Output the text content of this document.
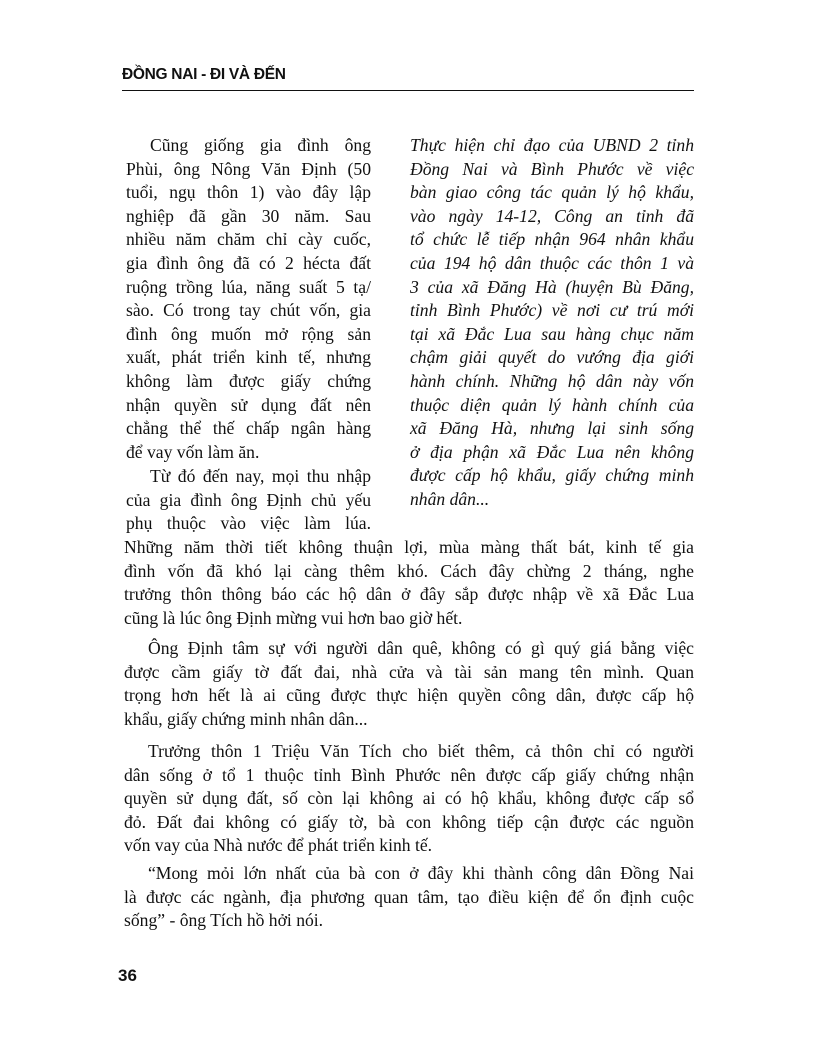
ĐỒNG NAI - ĐI VÀ ĐẾN
Cũng giống gia đình ông
Phùi, ông Nông Văn Định (50
tuổi, ngụ thôn 1) vào đây lập
nghiệp đã gần 30 năm. Sau
nhiều năm chăm chỉ cày cuốc,
gia đình ông đã có 2 hécta đất
ruộng trồng lúa, năng suất 5 tạ/
sào. Có trong tay chút vốn, gia
đình ông muốn mở rộng sản
xuất, phát triển kinh tế, nhưng
không làm được giấy chứng
nhận quyền sử dụng đất nên
chẳng thể thế chấp ngân hàng
để vay vốn làm ăn.
Từ đó đến nay, mọi thu nhập
của gia đình ông Định chủ yếu
phụ thuộc vào việc làm lúa.
Thực hiện chỉ đạo của UBND 2 tỉnh
Đồng Nai và Bình Phước về việc
bàn giao công tác quản lý hộ khẩu,
vào ngày 14-12, Công an tỉnh đã
tổ chức lễ tiếp nhận 964 nhân khẩu
của 194 hộ dân thuộc các thôn 1 và
3 của xã Đăng Hà (huyện Bù Đăng,
tỉnh Bình Phước) về nơi cư trú mới
tại xã Đắc Lua sau hàng chục năm
chậm giải quyết do vướng địa giới
hành chính. Những hộ dân này vốn
thuộc diện quản lý hành chính của
xã Đăng Hà, nhưng lại sinh sống
ở địa phận xã Đắc Lua nên không
được cấp hộ khẩu, giấy chứng minh
nhân dân...
Những năm thời tiết không thuận lợi, mùa màng thất bát, kinh tế gia
đình vốn đã khó lại càng thêm khó. Cách đây chừng 2 tháng, nghe
trưởng thôn thông báo các hộ dân ở đây sắp được nhập về xã Đắc Lua
cũng là lúc ông Định mừng vui hơn bao giờ hết.
Ông Định tâm sự với người dân quê, không có gì quý giá bằng việc
được cầm giấy tờ đất đai, nhà cửa và tài sản mang tên mình. Quan
trọng hơn hết là ai cũng được thực hiện quyền công dân, được cấp hộ
khẩu, giấy chứng minh nhân dân...
Trưởng thôn 1 Triệu Văn Tích cho biết thêm, cả thôn chỉ có người
dân sống ở tổ 1 thuộc tỉnh Bình Phước nên được cấp giấy chứng nhận
quyền sử dụng đất, số còn lại không ai có hộ khẩu, không được cấp sổ
đỏ. Đất đai không có giấy tờ, bà con không tiếp cận được các nguồn
vốn vay của Nhà nước để phát triển kinh tế.
“Mong mỏi lớn nhất của bà con ở đây khi thành công dân Đồng Nai
là được các ngành, địa phương quan tâm, tạo điều kiện để ổn định cuộc
sống” - ông Tích hồ hởi nói.
36
